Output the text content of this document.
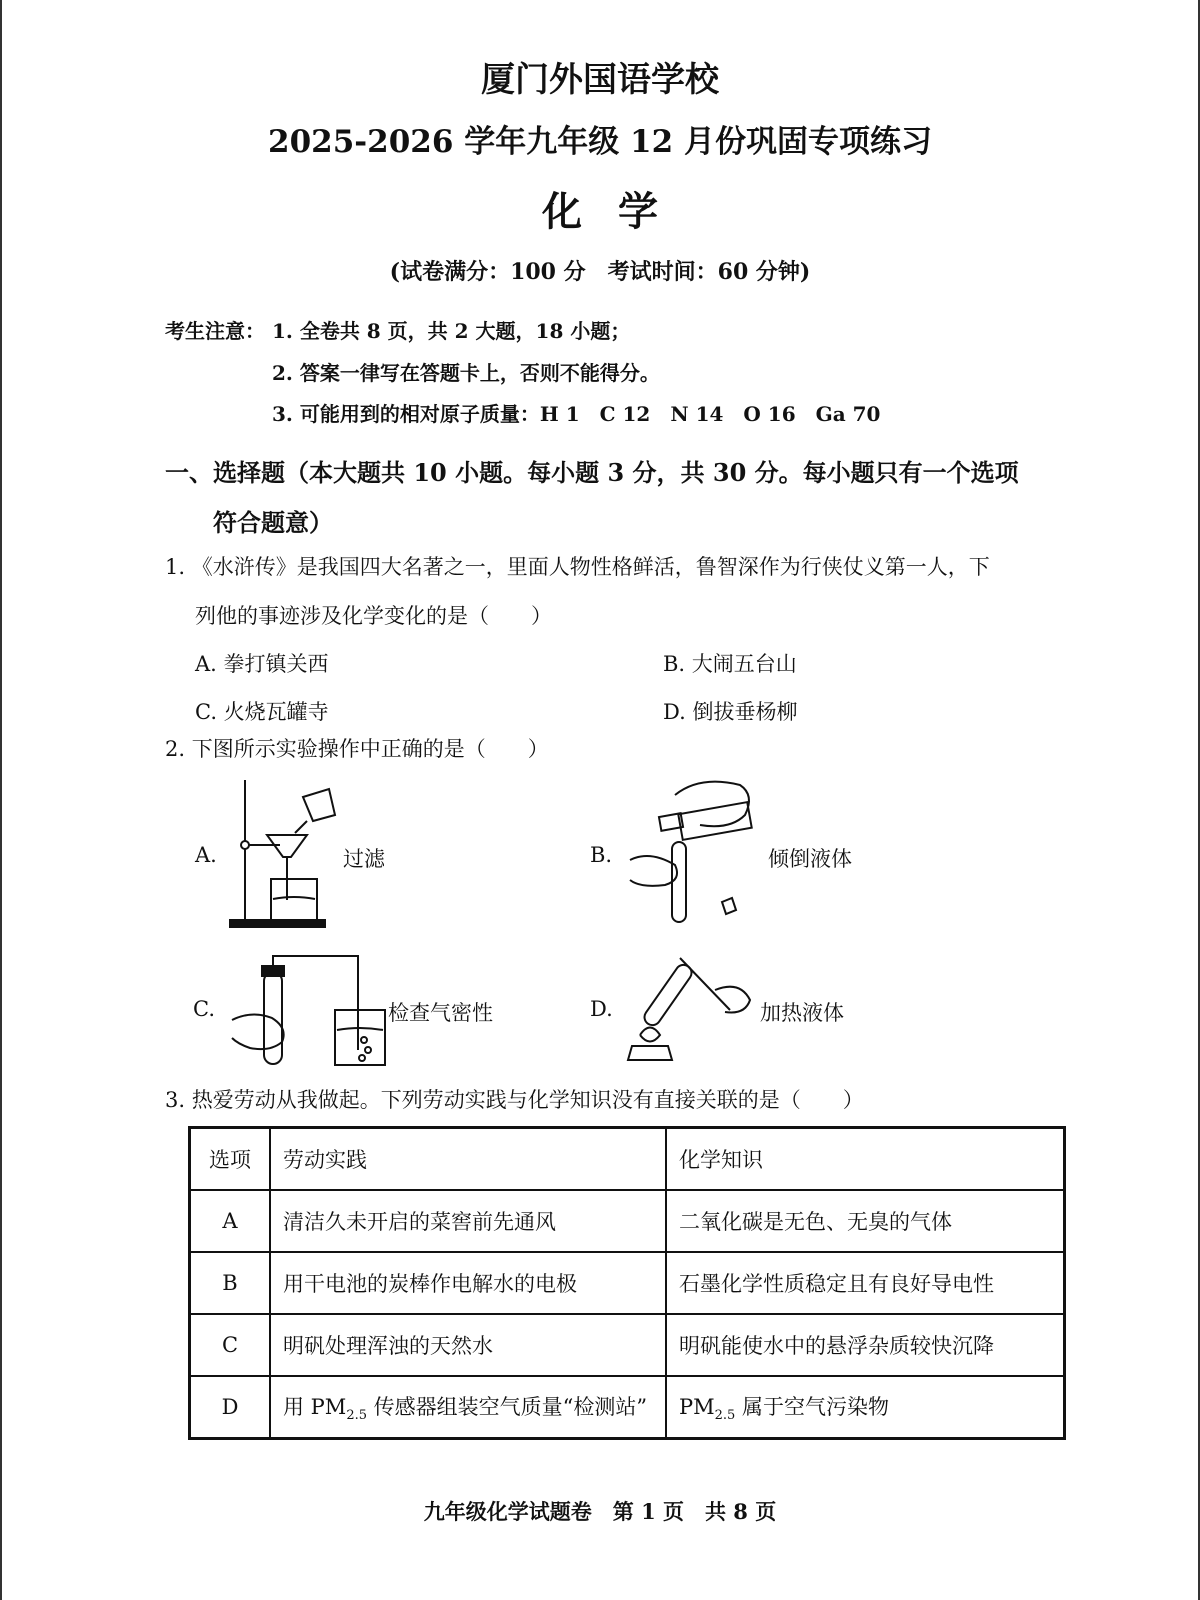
厦门外国语学校
2025-2026 学年九年级 12 月份巩固专项练习
化学
(试卷满分：100 分　考试时间：60 分钟)
考生注意： 1. 全卷共 8 页，共 2 大题，18 小题；
2. 答案一律写在答题卡上，否则不能得分。
3. 可能用到的相对原子质量：H 1　C 12　N 14　O 16　Ga 70
一、选择题（本大题共 10 小题。每小题 3 分，共 30 分。每小题只有一个选项
符合题意）
1. 《水浒传》是我国四大名著之一，里面人物性格鲜活，鲁智深作为行侠仗义第一人，下
列他的事迹涉及化学变化的是（　　）
A. 拳打镇关西	B. 大闹五台山
C. 火烧瓦罐寺	D. 倒拔垂杨柳
2. 下图所示实验操作中正确的是（　　）
A.	过滤	B.	倾倒液体
C.	检查气密性	D.	加热液体
3. 热爱劳动从我做起。下列劳动实践与化学知识没有直接关联的是（　　）
选项	劳动实践	化学知识
A	清洁久未开启的菜窖前先通风	二氧化碳是无色、无臭的气体
B	用干电池的炭棒作电解水的电极	石墨化学性质稳定且有良好导电性
C	明矾处理浑浊的天然水	明矾能使水中的悬浮杂质较快沉降
D	用 $PM_{2.5}$ 传感器组装空气质量“检测站”	$PM_{2.5}$ 属于空气污染物
九年级化学试题卷　第 1 页　共 8 页
